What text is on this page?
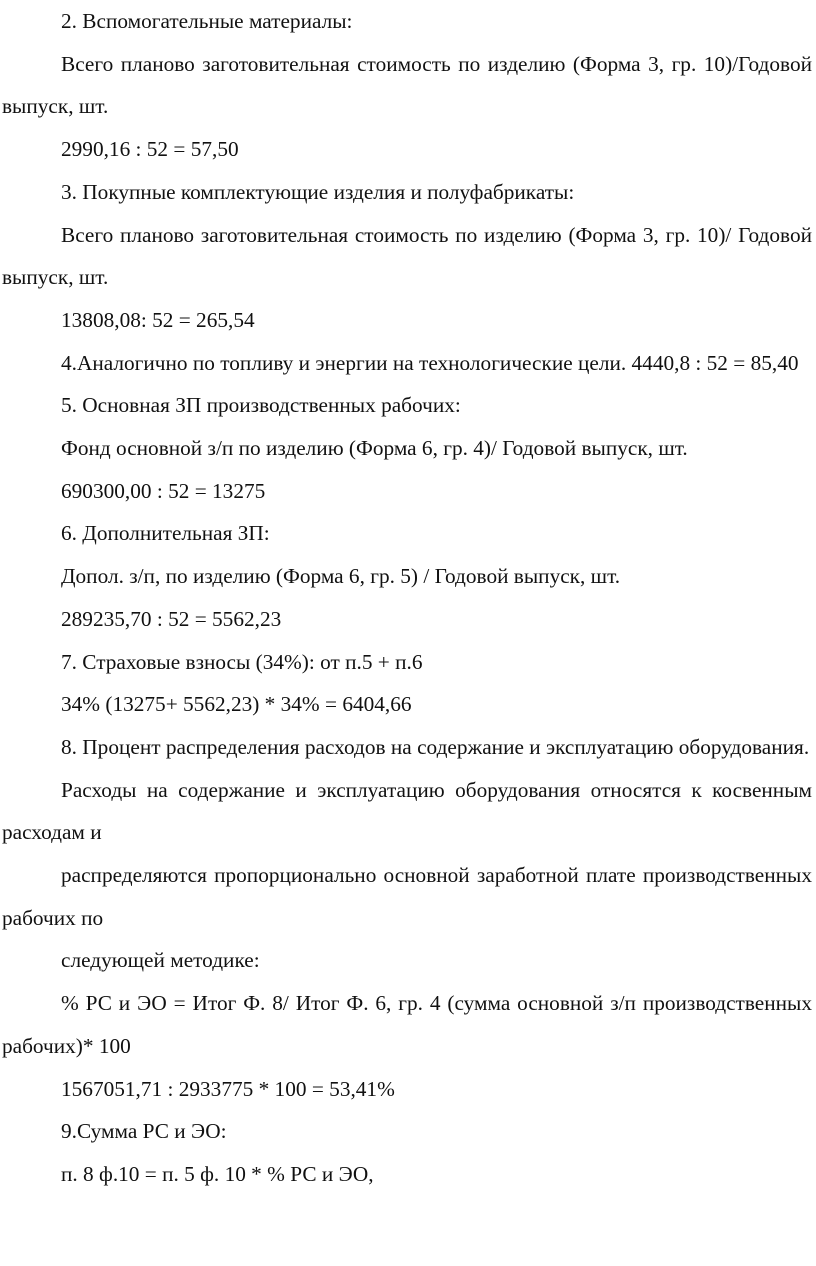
2. Вспомогательные материалы:

Всего планово заготовительная стоимость по изделию (Форма 3, гр. 10)/Годовой выпуск, шт.

2990,16 : 52 = 57,50

3. Покупные комплектующие изделия и полуфабрикаты:

Всего планово заготовительная стоимость по изделию (Форма 3, гр. 10)/ Годовой выпуск, шт.

13808,08: 52 = 265,54

4.Аналогично по топливу и энергии на технологические цели. 4440,8 : 52 = 85,40

5. Основная ЗП производственных рабочих:

Фонд основной з/п по изделию (Форма 6, гр. 4)/ Годовой выпуск, шт.

690300,00 : 52 = 13275

6. Дополнительная ЗП:

Допол. з/п, по изделию (Форма 6, гр. 5) / Годовой выпуск, шт.

289235,70 : 52 = 5562,23

7. Страховые взносы (34%): от п.5 + п.6

34% (13275+ 5562,23) * 34% = 6404,66

8. Процент распределения расходов на содержание и эксплуатацию оборудования.

Расходы на содержание и эксплуатацию оборудования относятся к косвенным расходам и

распределяются пропорционально основной заработной плате производственных рабочих по

следующей методике:

% РС и ЭО = Итог Ф. 8/ Итог Ф. 6, гр. 4 (сумма основной з/п производственных рабочих)* 100

1567051,71 : 2933775 * 100 = 53,41%

9.Сумма РС и ЭО:

п. 8 ф.10 = п. 5 ф. 10 * % РС и ЭО,
